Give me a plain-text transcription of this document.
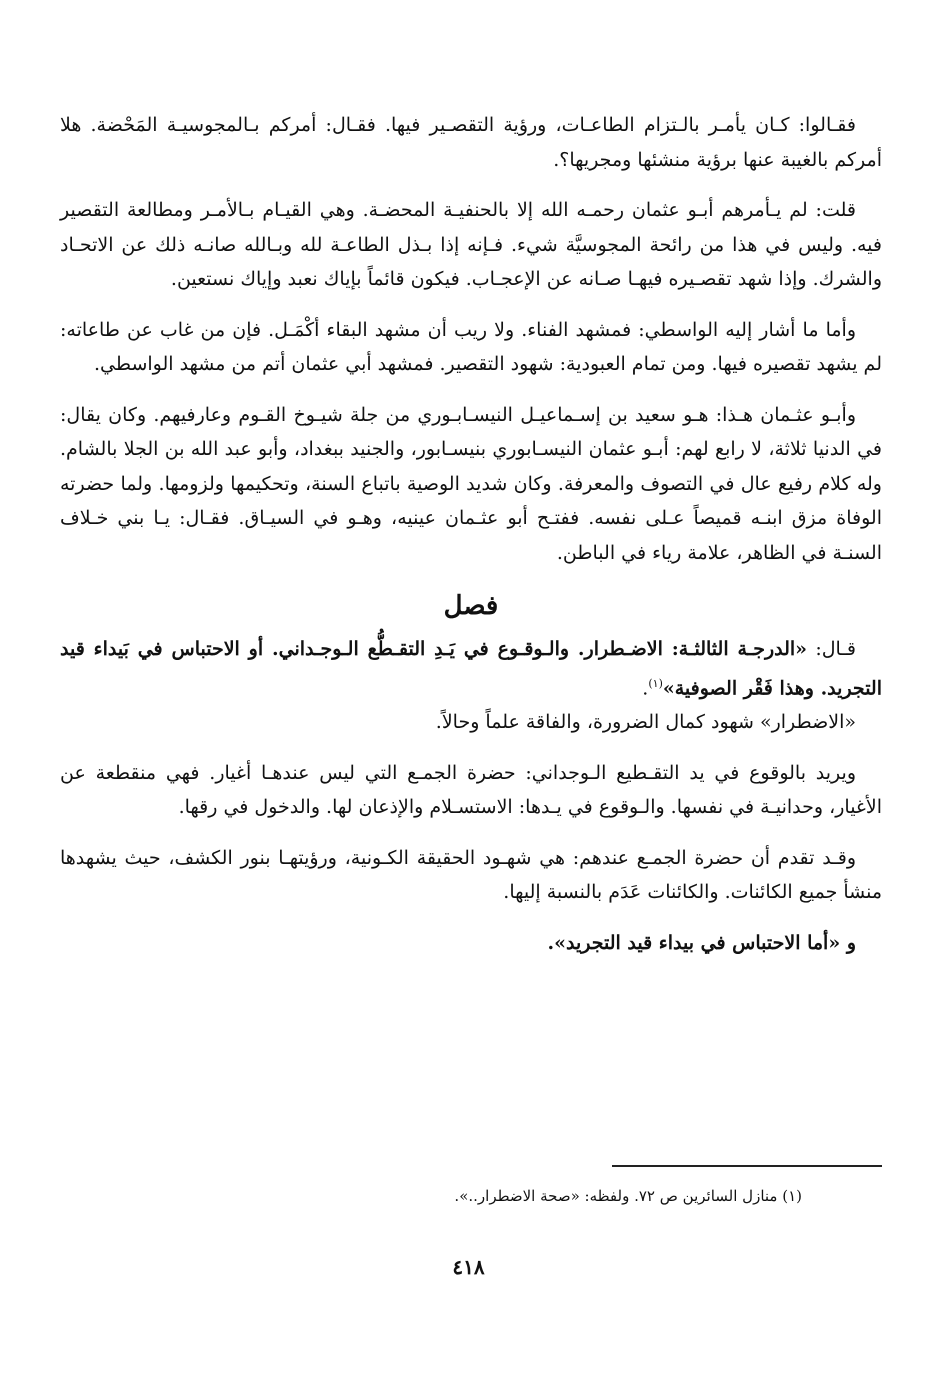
فقـالوا: كـان يأمـر بالـتزام الطاعـات، ورؤية التقصـير فيها. فقـال: أمركم بـالمجوسيـة المَحْضة. هلا أمركم بالغيبة عنها برؤية منشئها ومجريها؟.

قلت: لم يـأمرهم أبـو عثمان رحمـه الله إلا بالحنفيـة المحضـة. وهي القيـام بـالأمـر ومطالعة التقصير فيه. وليس في هذا من رائحة المجوسيَّة شيء. فـإنه إذا بـذل الطاعـة لله وبـالله صانـه ذلك عن الاتحـاد والشرك. وإذا شهد تقصـيره فيهـا صـانه عن الإعجـاب. فيكون قائماً بإياك نعبد وإياك نستعين.

وأما ما أشار إليه الواسطي: فمشهد الفناء. ولا ريب أن مشهد البقاء أكْمَـل. فإن من غاب عن طاعاته: لم يشهد تقصيره فيها. ومن تمام العبودية: شهود التقصير. فمشهد أبي عثمان أتم من مشهد الواسطي.

وأبـو عثـمان هـذا: هـو سعيد بن إسـماعيـل النيسـابـوري من جلة شيـوخ القـوم وعارفيهم. وكان يقال: في الدنيا ثلاثة، لا رابع لهم: أبـو عثمان النيسـابوري بنيسـابور، والجنيد ببغداد، وأبو عبد الله بن الجلا بالشام. وله كلام رفيع عال في التصوف والمعرفة. وكان شديد الوصية باتباع السنة، وتحكيمها ولزومها. ولما حضرته الوفاة مزق ابنـه قميصاً عـلى نفسه. ففتـح أبو عثـمان عينيه، وهـو في السيـاق. فقـال: يـا بني خـلاف السنـة في الظاهر، علامة رياء في الباطن.

فصل

قـال: «الدرجـة الثالثـة: الاضـطرار. والـوقـوع في يَـدِ التقـطُّع الـوجـداني. أو الاحتباس في بَيداء قيد التجريد. وهذا فَقْر الصوفية»$^{(١)}$.

«الاضطرار» شهود كمال الضرورة، والفاقة علماً وحالاً.

ويريد بالوقوع في يد التقـطيع الـوجداني: حضرة الجمـع التي ليس عندهـا أغيار. فهي منقطعة عن الأغيار، وحدانيـة في نفسها. والـوقوع في يـدها: الاستسـلام والإذعان لها. والدخول في رقها.

وقـد تقدم أن حضرة الجمـع عندهم: هي شهـود الحقيقة الكـونية، ورؤيتهـا بنور الكشف، حيث يشهدها منشأ جميع الكائنات. والكائنات عَدَم بالنسبة إليها.

و «أما الاحتباس في بيداء قيد التجريد».

(١) منازل السائرين ص ٧٢. ولفظه: «صحة الاضطرار..».
٤١٨
